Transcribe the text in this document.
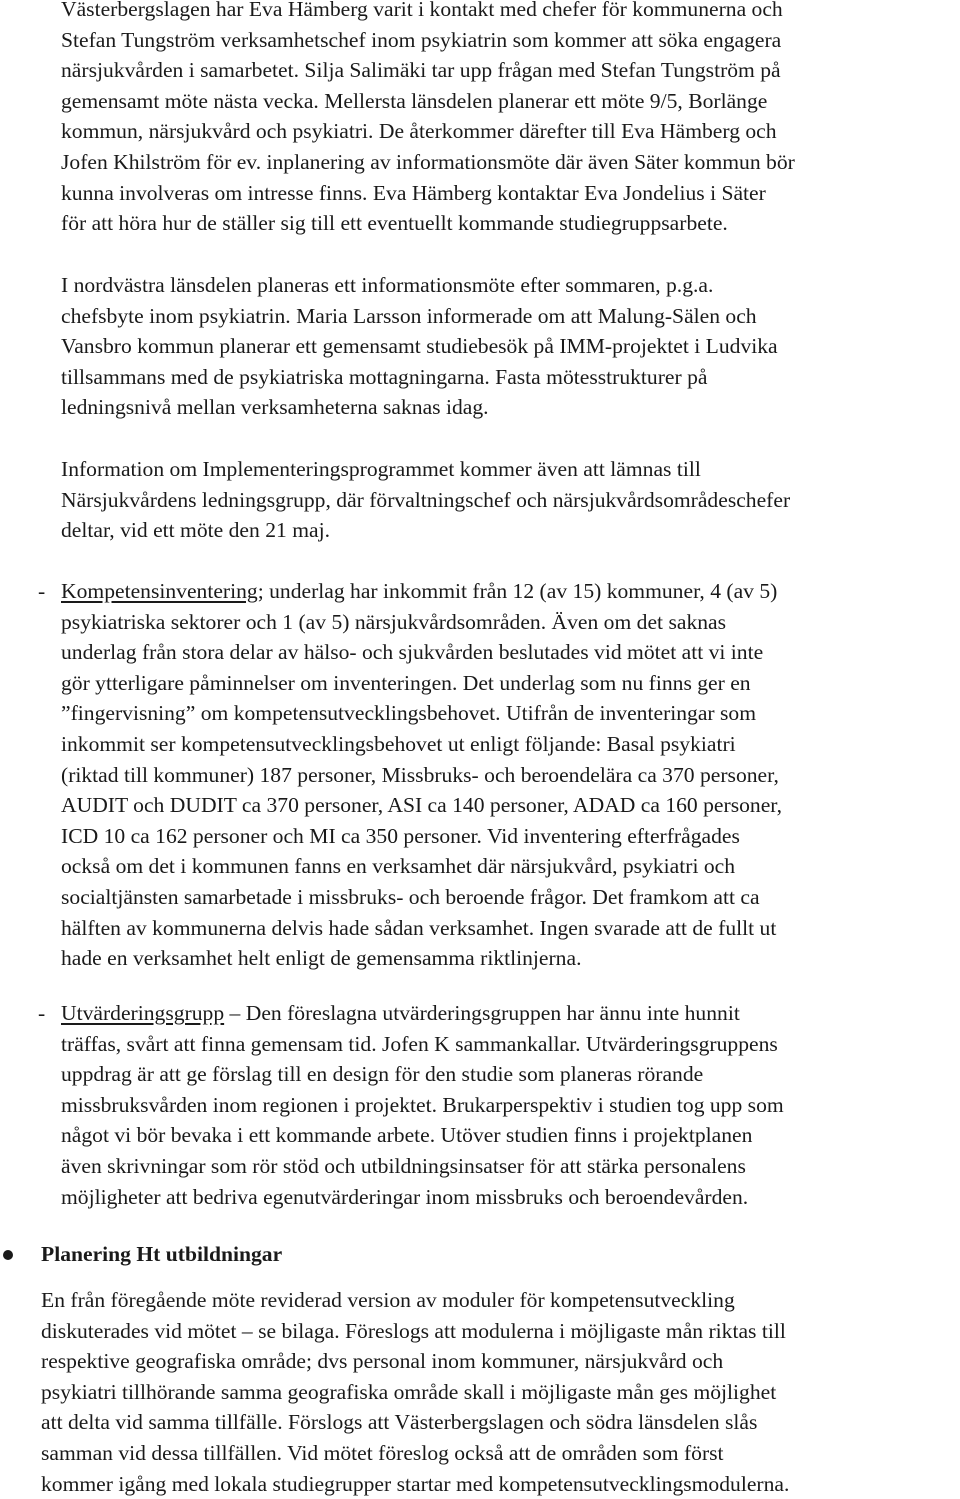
Västerbergslagen har Eva Hämberg varit i kontakt med chefer för kommunerna och
Stefan Tungström verksamhetschef inom psykiatrin som kommer att söka engagera
närsjukvården i samarbetet. Silja Salimäki tar upp frågan med Stefan Tungström på
gemensamt möte nästa vecka. Mellersta länsdelen planerar ett möte 9/5, Borlänge
kommun, närsjukvård och psykiatri. De återkommer därefter till Eva Hämberg och
Jofen Khilström för ev. inplanering av informationsmöte där även Säter kommun bör
kunna involveras om intresse finns. Eva Hämberg kontaktar Eva Jondelius i Säter
för att höra hur de ställer sig till ett eventuellt kommande studiegruppsarbete.
I nordvästra länsdelen planeras ett informationsmöte efter sommaren, p.g.a.
chefsbyte inom psykiatrin. Maria Larsson informerade om att Malung-Sälen och
Vansbro kommun planerar ett gemensamt studiebesök på IMM-projektet i Ludvika
tillsammans med de psykiatriska mottagningarna. Fasta mötesstrukturer på
ledningsnivå mellan verksamheterna saknas idag.
Information om Implementeringsprogrammet kommer även att lämnas till
Närsjukvårdens ledningsgrupp, där förvaltningschef och närsjukvårdsområdeschefer
deltar, vid ett möte den 21 maj.
- Kompetensinventering; underlag har inkommit från 12 (av 15) kommuner, 4 (av 5)
psykiatriska sektorer och 1 (av 5) närsjukvårdsområden. Även om det saknas
underlag från stora delar av hälso- och sjukvården beslutades vid mötet att vi inte
gör ytterligare påminnelser om inventeringen. Det underlag som nu finns ger en
”fingervisning” om kompetensutvecklingsbehovet. Utifrån de inventeringar som
inkommit ser kompetensutvecklingsbehovet ut enligt följande: Basal psykiatri
(riktad till kommuner) 187 personer, Missbruks- och beroendelära ca 370 personer,
AUDIT och DUDIT ca 370 personer, ASI ca 140 personer, ADAD ca 160 personer,
ICD 10 ca 162 personer och MI ca 350 personer. Vid inventering efterfrågades
också om det i kommunen fanns en verksamhet där närsjukvård, psykiatri och
socialtjänsten samarbetade i missbruks- och beroende frågor. Det framkom att ca
hälften av kommunerna delvis hade sådan verksamhet. Ingen svarade att de fullt ut
hade en verksamhet helt enligt de gemensamma riktlinjerna.
- Utvärderingsgrupp – Den föreslagna utvärderingsgruppen har ännu inte hunnit
träffas, svårt att finna gemensam tid. Jofen K sammankallar. Utvärderingsgruppens
uppdrag är att ge förslag till en design för den studie som planeras rörande
missbruksvården inom regionen i projektet. Brukarperspektiv i studien tog upp som
något vi bör bevaka i ett kommande arbete. Utöver studien finns i projektplanen
även skrivningar som rör stöd och utbildningsinsatser för att stärka personalens
möjligheter att bedriva egenutvärderingar inom missbruks och beroendevården.
Planering Ht utbildningar
En från föregående möte reviderad version av moduler för kompetensutveckling
diskuterades vid mötet – se bilaga. Föreslogs att modulerna i möjligaste mån riktas till
respektive geografiska område; dvs personal inom kommuner, närsjukvård och
psykiatri tillhörande samma geografiska område skall i möjligaste mån ges möjlighet
att delta vid samma tillfälle. Förslogs att Västerbergslagen och södra länsdelen slås
samman vid dessa tillfällen. Vid mötet föreslog också att de områden som först
kommer igång med lokala studiegrupper startar med kompetensutvecklingsmodulerna.
